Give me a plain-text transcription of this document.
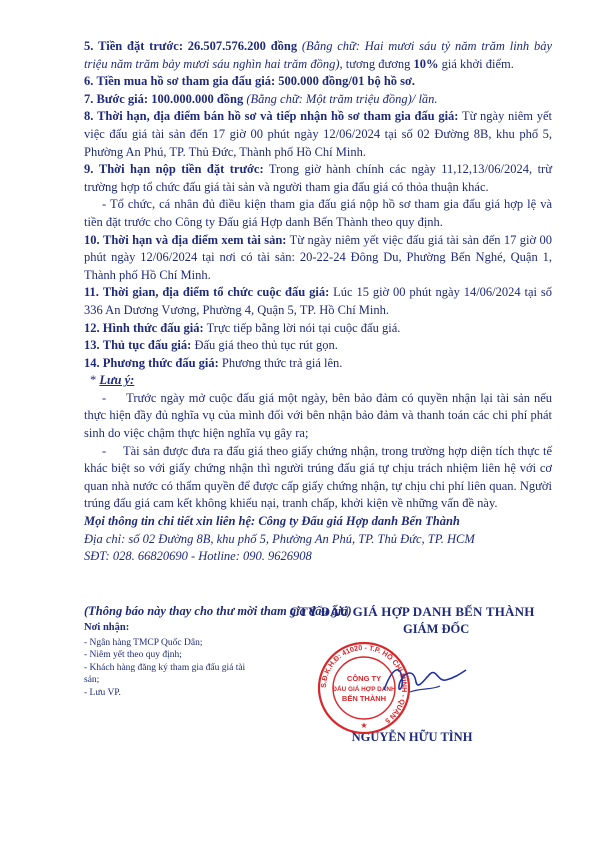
5. Tiền đặt trước: 26.507.576.200 đồng (Bằng chữ: Hai mươi sáu tỷ năm trăm linh bảy triệu năm trăm bảy mươi sáu nghìn hai trăm đồng), tương đương 10% giá khởi điểm.

6. Tiền mua hồ sơ tham gia đấu giá: 500.000 đồng/01 bộ hồ sơ.

7. Bước giá: 100.000.000 đồng (Bằng chữ: Một trăm triệu đồng)/ lần.

8. Thời hạn, địa điểm bán hồ sơ và tiếp nhận hồ sơ tham gia đấu giá: Từ ngày niêm yết việc đấu giá tài sản đến 17 giờ 00 phút ngày 12/06/2024 tại số 02 Đường 8B, khu phố 5, Phường An Phú, TP. Thủ Đức, Thành phố Hồ Chí Minh.

9. Thời hạn nộp tiền đặt trước: Trong giờ hành chính các ngày 11,12,13/06/2024, trừ trường hợp tổ chức đấu giá tài sản và người tham gia đấu giá có thỏa thuận khác.

- Tổ chức, cá nhân đủ điều kiện tham gia đấu giá nộp hồ sơ tham gia đấu giá hợp lệ và tiền đặt trước cho Công ty Đấu giá Hợp danh Bến Thành theo quy định.

10. Thời hạn và địa điểm xem tài sản: Từ ngày niêm yết việc đấu giá tài sản đến 17 giờ 00 phút ngày 12/06/2024 tại nơi có tài sản: 20-22-24 Đông Du, Phường Bến Nghé, Quận 1, Thành phố Hồ Chí Minh.

11. Thời gian, địa điểm tổ chức cuộc đấu giá: Lúc 15 giờ 00 phút ngày 14/06/2024 tại số 336 An Dương Vương, Phường 4, Quận 5, TP. Hồ Chí Minh.

12. Hình thức đấu giá: Trực tiếp bằng lời nói tại cuộc đấu giá.

13. Thủ tục đấu giá: Đấu giá theo thủ tục rút gọn.

14. Phương thức đấu giá: Phương thức trả giá lên.

* Lưu ý:

-     Trước ngày mở cuộc đấu giá một ngày, bên bảo đảm có quyền nhận lại tài sản nếu thực hiện đầy đủ nghĩa vụ của mình đối với bên nhận bảo đảm và thanh toán các chi phí phát sinh do việc chậm thực hiện nghĩa vụ gây ra;

-     Tài sản được đưa ra đấu giá theo giấy chứng nhận, trong trường hợp diện tích thực tế khác biệt so với giấy chứng nhận thì người trúng đấu giá tự chịu trách nhiệm liên hệ với cơ quan nhà nước có thẩm quyền để được cấp giấy chứng nhận, tự chịu chi phí liên quan. Người trúng đấu giá cam kết không khiếu nại, tranh chấp, khởi kiện về những vấn đề này.

Mọi thông tin chi tiết xin liên hệ: Công ty Đấu giá Hợp danh Bến Thành

Địa chỉ: số 02 Đường 8B, khu phố 5, Phường An Phú, TP. Thủ Đức, TP. HCM

SĐT: 028. 66820690 - Hotline: 090. 9626908

(Thông báo này thay cho thư mời tham gia đấu giá)
Nơi nhận:
- Ngân hàng TMCP Quốc Dân;
- Niêm yết theo quy định;
- Khách hàng đăng ký tham gia đấu giá tài sản;
- Lưu VP.
CTY ĐẤU GIÁ HỢP DANH BẾN THÀNH
GIÁM ĐỐC
NGUYỄN HỮU TÌNH
S.Đ.K.H.Đ: 41020 - T.P. HỒ CHÍ MINH - QUẬN 5
CÔNG TY
ĐẤU GIÁ HỢP DANH
BẾN THÀNH
★
